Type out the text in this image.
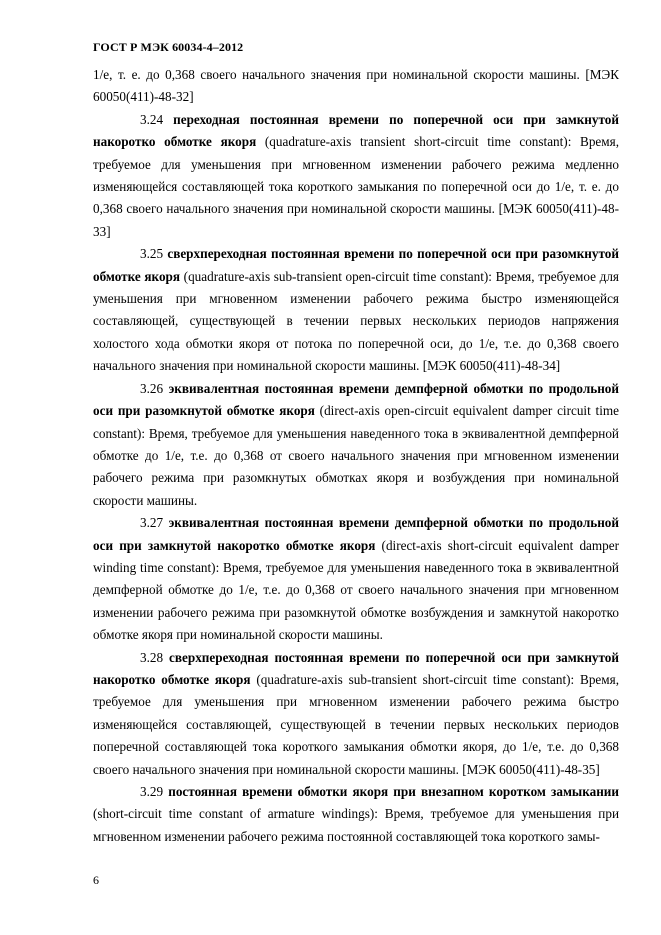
ГОСТ Р МЭК 60034-4–2012

1/e, т. е. до 0,368 своего начального значения при номинальной скорости машины. [МЭК 60050(411)-48-32]

3.24 переходная постоянная времени по поперечной оси при замкнутой накоротко обмотке якоря (quadrature-axis transient short-circuit time constant): Время, требуемое для уменьшения при мгновенном изменении рабочего режима медленно изменяющейся составляющей тока короткого замыкания по поперечной оси до 1/e, т. е. до 0,368 своего начального значения при номинальной скорости машины. [МЭК 60050(411)-48-33]

3.25 сверхпереходная постоянная времени по поперечной оси при разомкнутой обмотке якоря (quadrature-axis sub-transient open-circuit time constant): Время, требуемое для уменьшения при мгновенном изменении рабочего режима быстро изменяющейся составляющей, существующей в течении первых нескольких периодов напряжения холостого хода обмотки якоря от потока по поперечной оси, до 1/e, т.е. до 0,368 своего начального значения при номинальной скорости машины. [МЭК 60050(411)-48-34]

3.26 эквивалентная постоянная времени демпферной обмотки по продольной оси при разомкнутой обмотке якоря (direct-axis open-circuit equivalent damper circuit time constant): Время, требуемое для уменьшения наведенного тока в эквивалентной демпферной обмотке до 1/e, т.е. до 0,368 от своего начального значения при мгновенном изменении рабочего режима при разомкнутых обмотках якоря и возбуждения при номинальной скорости машины.

3.27 эквивалентная постоянная времени демпферной обмотки по продольной оси при замкнутой накоротко обмотке якоря (direct-axis short-circuit equivalent damper winding time constant): Время, требуемое для уменьшения наведенного тока в эквивалентной демпферной обмотке до 1/e, т.е. до 0,368 от своего начального значения при мгновенном изменении рабочего режима при разомкнутой обмотке возбуждения и замкнутой накоротко обмотке якоря при номинальной скорости машины.

3.28 сверхпереходная постоянная времени по поперечной оси при замкнутой накоротко обмотке якоря (quadrature-axis sub-transient short-circuit time constant): Время, требуемое для уменьшения при мгновенном изменении рабочего режима быстро изменяющейся составляющей, существующей в течении первых нескольких периодов поперечной составляющей тока короткого замыкания обмотки якоря, до 1/e, т.е. до 0,368 своего начального значения при номинальной скорости машины. [МЭК 60050(411)-48-35]

3.29 постоянная времени обмотки якоря при внезапном коротком замыкании (short-circuit time constant of armature windings): Время, требуемое для уменьшения при мгновенном изменении рабочего режима постоянной составляющей тока короткого замы-

6
